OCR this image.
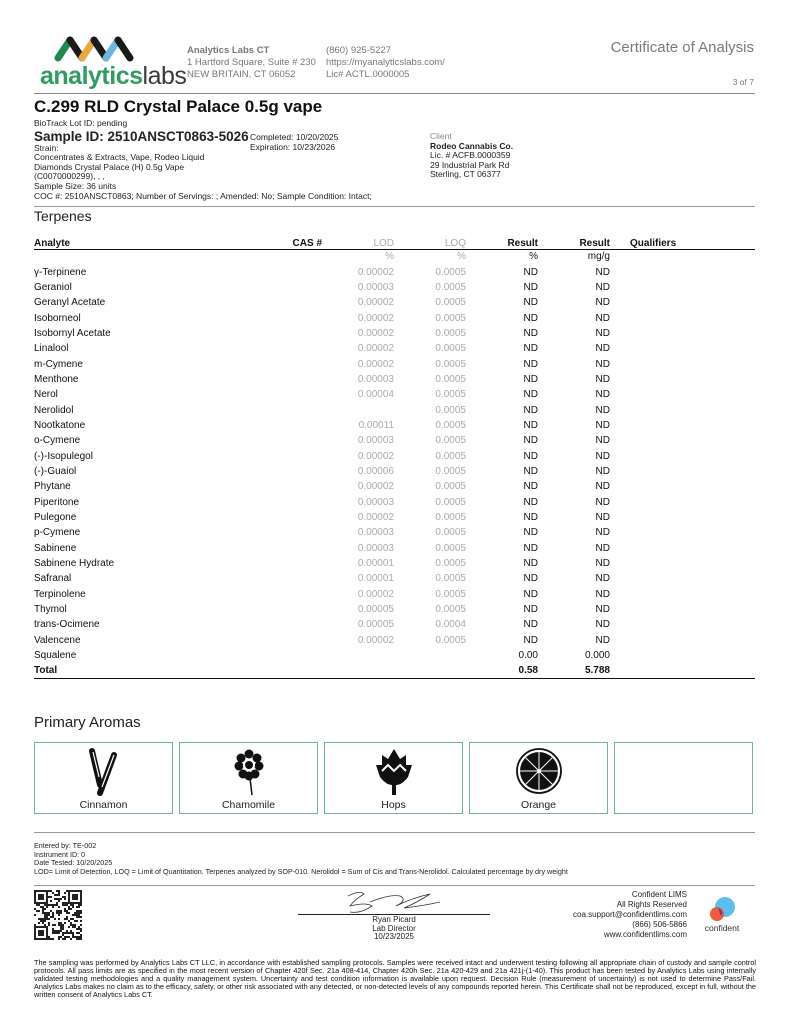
analyticslabs
Analytics Labs CT
1 Hartford Square, Suite # 230
NEW BRITAIN, CT 06052
(860) 925-5227
https://myanalyticslabs.com/
Lic# ACTL.0000005
Certificate of Analysis
3 of 7
C.299 RLD Crystal Palace 0.5g vape
BioTrack Lot ID: pending
Sample ID: 2510ANSCT0863-5026
Strain:
Concentrates & Extracts, Vape, Rodeo Liquid
Diamonds Crystal Palace (H) 0.5g Vape
(C0070000299), , ,
Sample Size: 36 units
COC #: 2510ANSCT0863; Number of Servings: ; Amended: No; Sample Condition: Intact;
Completed: 10/20/2025
Expiration: 10/23/2026
Client
Rodeo Cannabis Co.
Lic. # ACFB.0000359
29 Industrial Park Rd
Sterling, CT 06377
Terpenes
Analyte	CAS #	LOD	LOQ	Result	Result	Qualifiers
		%	%	%	mg/g	
γ-Terpinene		0.00002	0.0005	ND	ND	
Geraniol		0.00003	0.0005	ND	ND	
Geranyl Acetate		0.00002	0.0005	ND	ND	
Isoborneol		0.00002	0.0005	ND	ND	
Isobornyl Acetate		0.00002	0.0005	ND	ND	
Linalool		0.00002	0.0005	ND	ND	
m-Cymene		0.00002	0.0005	ND	ND	
Menthone		0.00003	0.0005	ND	ND	
Nerol		0.00004	0.0005	ND	ND	
Nerolidol			0.0005	ND	ND	
Nootkatone		0.00011	0.0005	ND	ND	
o-Cymene		0.00003	0.0005	ND	ND	
(-)-Isopulegol		0.00002	0.0005	ND	ND	
(-)-Guaiol		0.00006	0.0005	ND	ND	
Phytane		0.00002	0.0005	ND	ND	
Piperitone		0.00003	0.0005	ND	ND	
Pulegone		0.00002	0.0005	ND	ND	
p-Cymene		0.00003	0.0005	ND	ND	
Sabinene		0.00003	0.0005	ND	ND	
Sabinene Hydrate		0.00001	0.0005	ND	ND	
Safranal		0.00001	0.0005	ND	ND	
Terpinolene		0.00002	0.0005	ND	ND	
Thymol		0.00005	0.0005	ND	ND	
trans-Ocimene		0.00005	0.0004	ND	ND	
Valencene		0.00002	0.0005	ND	ND	
Squalene				0.00	0.000	
Total				0.58	5.788	
Primary Aromas
Cinnamon	Chamomile	Hops	Orange
Entered by: TE-002
Instrument ID: 0
Date Tested: 10/20/2025
LOD= Limit of Detection, LOQ = Limit of Quantitation. Terpenes analyzed by SOP-010. Nerolidol = Sum of Cis and Trans-Nerolidol. Calculated percentage by dry weight
Ryan Picard
Lab Director
10/23/2025
Confident LIMS
All Rights Reserved
coa.support@confidentlims.com
(866) 506-5866
www.confidentlims.com
confident
The sampling was performed by Analytics Labs CT LLC, in accordance with established sampling protocols. Samples were received intact and underwent testing following all appropriate chain of custody and sample control protocols. All pass limits are as specified in the most recent version of Chapter 420f Sec. 21a 408-414, Chapter 420h Sec. 21a 420-429 and 21a 421j-(1-40). This product has been tested by Analytics Labs using internally validated testing methodologies and a quality management system. Uncertainty and test condition information is available upon request. Decision Rule (measurement of uncertainty) is not used to determine Pass/Fail. Analytics Labs makes no claim as to the efficacy, safety, or other risk associated with any detected, or non-detected levels of any compounds reported herein. This Certificate shall not be reproduced, except in full, without the written consent of Analytics Labs CT.
